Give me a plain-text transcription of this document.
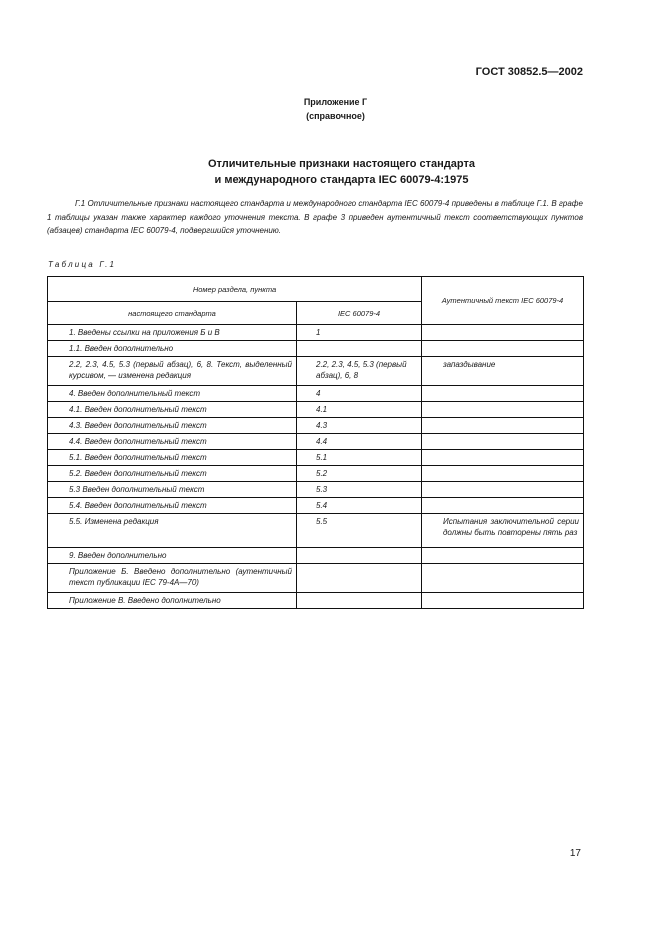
ГОСТ 30852.5—2002
Приложение Г
(справочное)
Отличительные признаки настоящего стандарта
и международного стандарта IEC 60079-4:1975
Г.1 Отличительные признаки настоящего стандарта и международного стандарта IEC 60079-4 приведены в таблице Г.1. В графе 1 таблицы указан также характер каждого уточнения текста. В графе 3 приведен аутентичный текст соответствующих пунктов (абзацев) стандарта IEC 60079-4, подвергшийся уточнению.
Таблица Г.1
Номер раздела, пункта		Аутентичный текст IEC 60079-4
настоящего стандарта	IEC 60079-4	
1. Введены ссылки на приложения Б и В	1	
1.1. Введен дополнительно		
2.2, 2.3, 4.5, 5.3 (первый абзац), 6, 8. Текст, выделенный курсивом, — изменена редакция	2.2, 2.3, 4.5, 5.3 (первый абзац), 6, 8	запаздывание
4. Введен дополнительный текст	4	
4.1. Введен дополнительный текст	4.1	
4.3. Введен дополнительный текст	4.3	
4.4. Введен дополнительный текст	4.4	
5.1. Введен дополнительный текст	5.1	
5.2. Введен дополнительный текст	5.2	
5.3 Введен дополнительный текст	5.3	
5.4. Введен дополнительный текст	5.4	
5.5. Изменена редакция	5.5	Испытания заключительной серии должны быть повторены пять раз
9. Введен дополнительно		
Приложение Б. Введено дополнительно (аутентичный текст публикации IEC 79-4A—70)		
Приложение В. Введено дополнительно		
17
